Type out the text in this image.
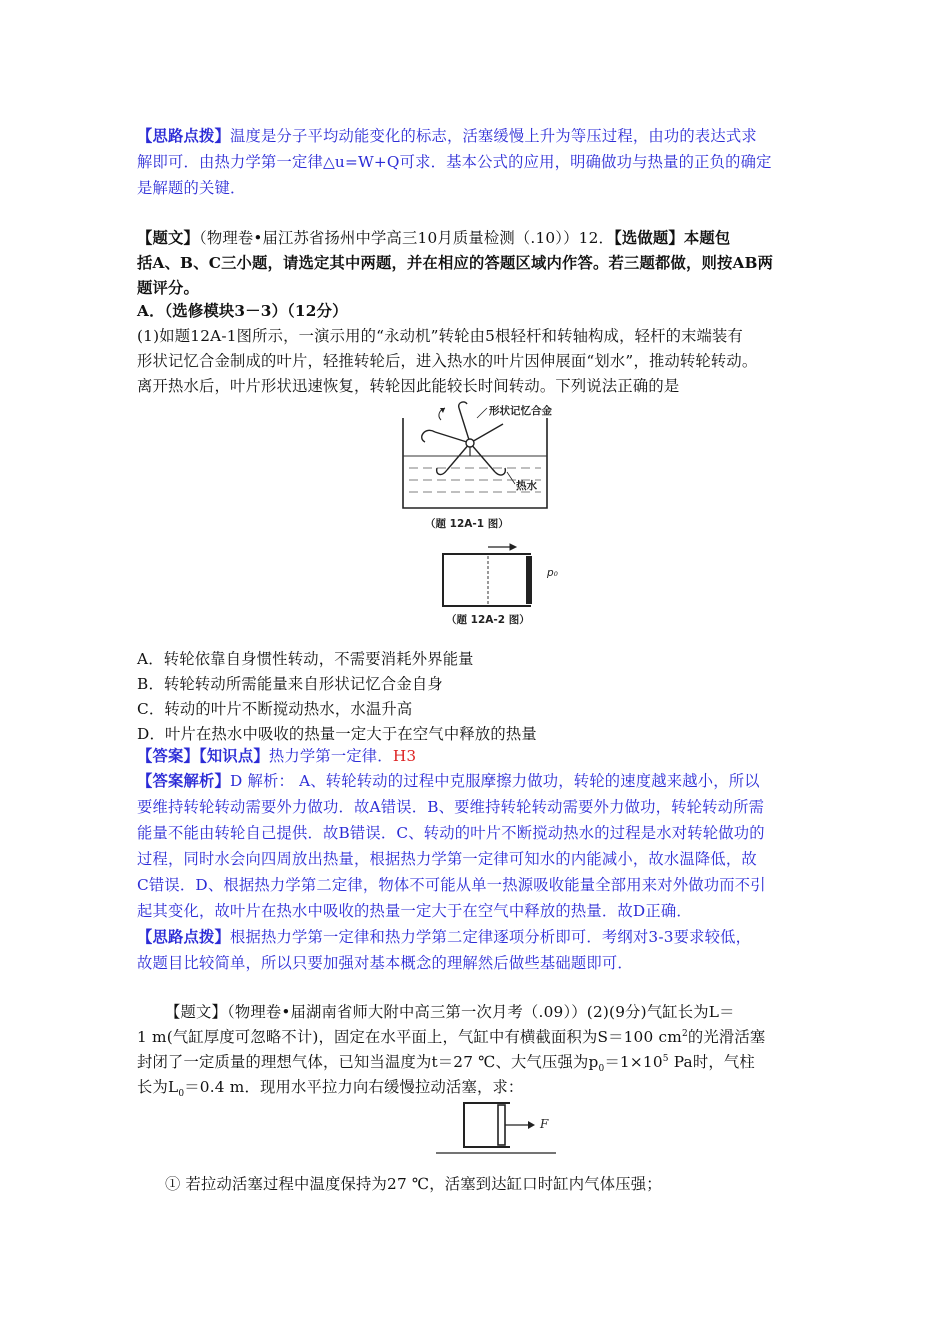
【思路点拨】温度是分子平均动能变化的标志，活塞缓慢上升为等压过程，由功的表达式求
解即可．由热力学第一定律△u=W+Q可求．基本公式的应用，明确做功与热量的正负的确定
是解题的关键．
【题文】（物理卷•届江苏省扬州中学高三10月质量检测（.10））12．【选做题】本题包
括A、B、C三小题，请选定其中两题，并在相应的答题区域内作答。若三题都做，则按AB两
题评分。
A．（选修模块3－3）（12分）
(1)如题12A-1图所示，一演示用的“永动机”转轮由5根轻杆和转轴构成，轻杆的末端装有
形状记忆合金制成的叶片，轻推转轮后，进入热水的叶片因伸展面“划水”，推动转轮转动。
离开热水后，叶片形状迅速恢复，转轮因此能较长时间转动。下列说法正确的是
形状记忆合金
热水
（题 12A-1 图）
p₀
（题 12A-2 图）
A．转轮依靠自身惯性转动，不需要消耗外界能量
B．转轮转动所需能量来自形状记忆合金自身
C．转动的叶片不断搅动热水，水温升高
D．叶片在热水中吸收的热量一定大于在空气中释放的热量
【答案】【知识点】热力学第一定律．H3
【答案解析】D 解析： A、转轮转动的过程中克服摩擦力做功，转轮的速度越来越小，所以
要维持转轮转动需要外力做功．故A错误．B、要维持转轮转动需要外力做功，转轮转动所需
能量不能由转轮自己提供．故B错误．C、转动的叶片不断搅动热水的过程是水对转轮做功的
过程，同时水会向四周放出热量，根据热力学第一定律可知水的内能减小，故水温降低，故
C错误．D、根据热力学第二定律，物体不可能从单一热源吸收能量全部用来对外做功而不引
起其变化，故叶片在热水中吸收的热量一定大于在空气中释放的热量．故D正确．
【思路点拨】根据热力学第一定律和热力学第二定律逐项分析即可．考纲对3-3要求较低，
故题目比较简单，所以只要加强对基本概念的理解然后做些基础题即可．
【题文】（物理卷•届湖南省师大附中高三第一次月考（.09））(2)(9分)气缸长为L＝
1 m(气缸厚度可忽略不计)，固定在水平面上，气缸中有横截面积为S＝100 $cm^2$的光滑活塞
封闭了一定质量的理想气体，已知当温度为t＝27 ℃、大气压强为$p_0=1\times 10^5$ Pa时，气柱
长为$L_0=0.4$ m．现用水平拉力向右缓慢拉动活塞，求：
F
① 若拉动活塞过程中温度保持为27 ℃，活塞到达缸口时缸内气体压强；
